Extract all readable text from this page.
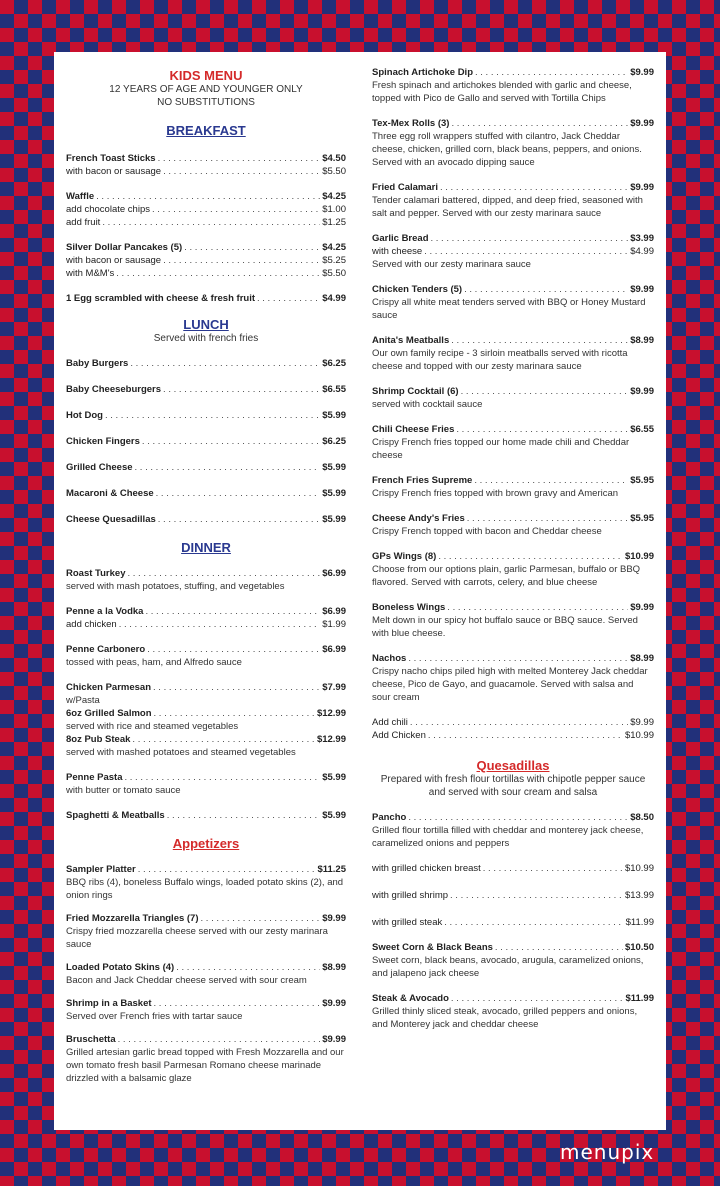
KIDS MENU

12 YEARS OF AGE AND YOUNGER ONLY
NO SUBSTITUTIONS

BREAKFAST

French Toast Sticks . . .	$4.50
with bacon or sausage . . .	$5.50
Waffle . . .	$4.25
add chocolate chips . . .	$1.00
add fruit . . .	$1.25
Silver Dollar Pancakes (5) . . .	$4.25
with bacon or sausage . . .	$5.25
with M&M's . . .	$5.50
1 Egg scrambled with cheese & fresh fruit . . .	$4.99

LUNCH

Served with french fries
Baby Burgers . . .	$6.25
Baby Cheeseburgers . . .	$6.55
Hot Dog . . .	$5.99
Chicken Fingers . . .	$6.25
Grilled Cheese . . .	$5.99
Macaroni & Cheese . . .	$5.99
Cheese Quesadillas . . .	$5.99

DINNER

Roast Turkey . . .	$6.99

served with mash potatoes, stuffing, and vegetables

Penne a la Vodka . . .	$6.99
add chicken . . .	$1.99
Penne Carbonero . . .	$6.99

tossed with peas, ham, and Alfredo sauce

Chicken Parmesan . . .	$7.99

w/Pasta

6oz Grilled Salmon . . .	$12.99

served with rice and steamed vegetables

8oz Pub Steak . . .	$12.99

served with mashed potatoes and steamed vegetables

Penne Pasta . . .	$5.99

with butter or tomato sauce

Spaghetti & Meatballs . . .	$5.99

Appetizers

Sampler Platter . . .	$11.25

BBQ ribs (4), boneless Buffalo wings, loaded potato skins (2), and onion rings

Fried Mozzarella Triangles (7) . . .	$9.99

Crispy fried mozzarella cheese served with our zesty marinara sauce

Loaded Potato Skins (4) . . .	$8.99

Bacon and Jack Cheddar cheese served with sour cream

Shrimp in a Basket . . .	$9.99

Served over French fries with tartar sauce

Bruschetta . . .	$9.99

Grilled artesian garlic bread topped with Fresh Mozzarella and our own tomato fresh basil Parmesan Romano cheese marinade drizzled with a balsamic glaze

Spinach Artichoke Dip . . .	$9.99

Fresh spinach and artichokes blended with garlic and cheese, topped with Pico de Gallo and served with Tortilla Chips

Tex-Mex Rolls (3) . . .	$9.99

Three egg roll wrappers stuffed with cilantro, Jack Cheddar cheese, chicken, grilled corn, black beans, peppers, and onions. Served with an avocado dipping sauce

Fried Calamari . . .	$9.99

Tender calamari battered, dipped, and deep fried, seasoned with salt and pepper. Served with our zesty marinara sauce

Garlic Bread . . .	$3.99
with cheese . . .	$4.99

Served with our zesty marinara sauce

Chicken Tenders (5) . . .	$9.99

Crispy all white meat tenders served with BBQ or Honey Mustard sauce

Anita's Meatballs . . .	$8.99

Our own family recipe - 3 sirloin meatballs served with ricotta cheese and topped with our zesty marinara sauce

Shrimp Cocktail (6) . . .	$9.99

served with cocktail sauce

Chili Cheese Fries . . .	$6.55

Crispy French fries topped our home made chili and Cheddar cheese

French Fries Supreme . . .	$5.95

Crispy French fries topped with brown gravy and American

Cheese Andy's Fries . . .	$5.95

Crispy French topped with bacon and Cheddar cheese

GPs Wings (8) . . .	$10.99

Choose from our options plain, garlic Parmesan, buffalo or BBQ flavored. Served with carrots, celery, and blue cheese

Boneless Wings . . .	$9.99

Melt down in our spicy hot buffalo sauce or BBQ sauce. Served with blue cheese.

Nachos . . .	$8.99

Crispy nacho chips piled high with melted Monterey Jack cheddar cheese, Pico de Gayo, and guacamole. Served with salsa and sour cream

Add chili . . .	$9.99
Add Chicken . . .	$10.99

Quesadillas

Prepared with fresh flour tortillas with chipotle pepper sauce and served with sour cream and salsa
Pancho . . .	$8.50

Grilled flour tortilla filled with cheddar and monterey jack cheese, caramelized onions and peppers

with grilled chicken breast . . .	$10.99
with grilled shrimp . . .	$13.99
with grilled steak . . .	$11.99
Sweet Corn & Black Beans . . .	$10.50

Sweet corn, black beans, avocado, arugula, caramelized onions, and jalapeno jack cheese

Steak & Avocado . . .	$11.99

Grilled thinly sliced steak, avocado, grilled peppers and onions, and Monterey jack and cheddar cheese

menupix
